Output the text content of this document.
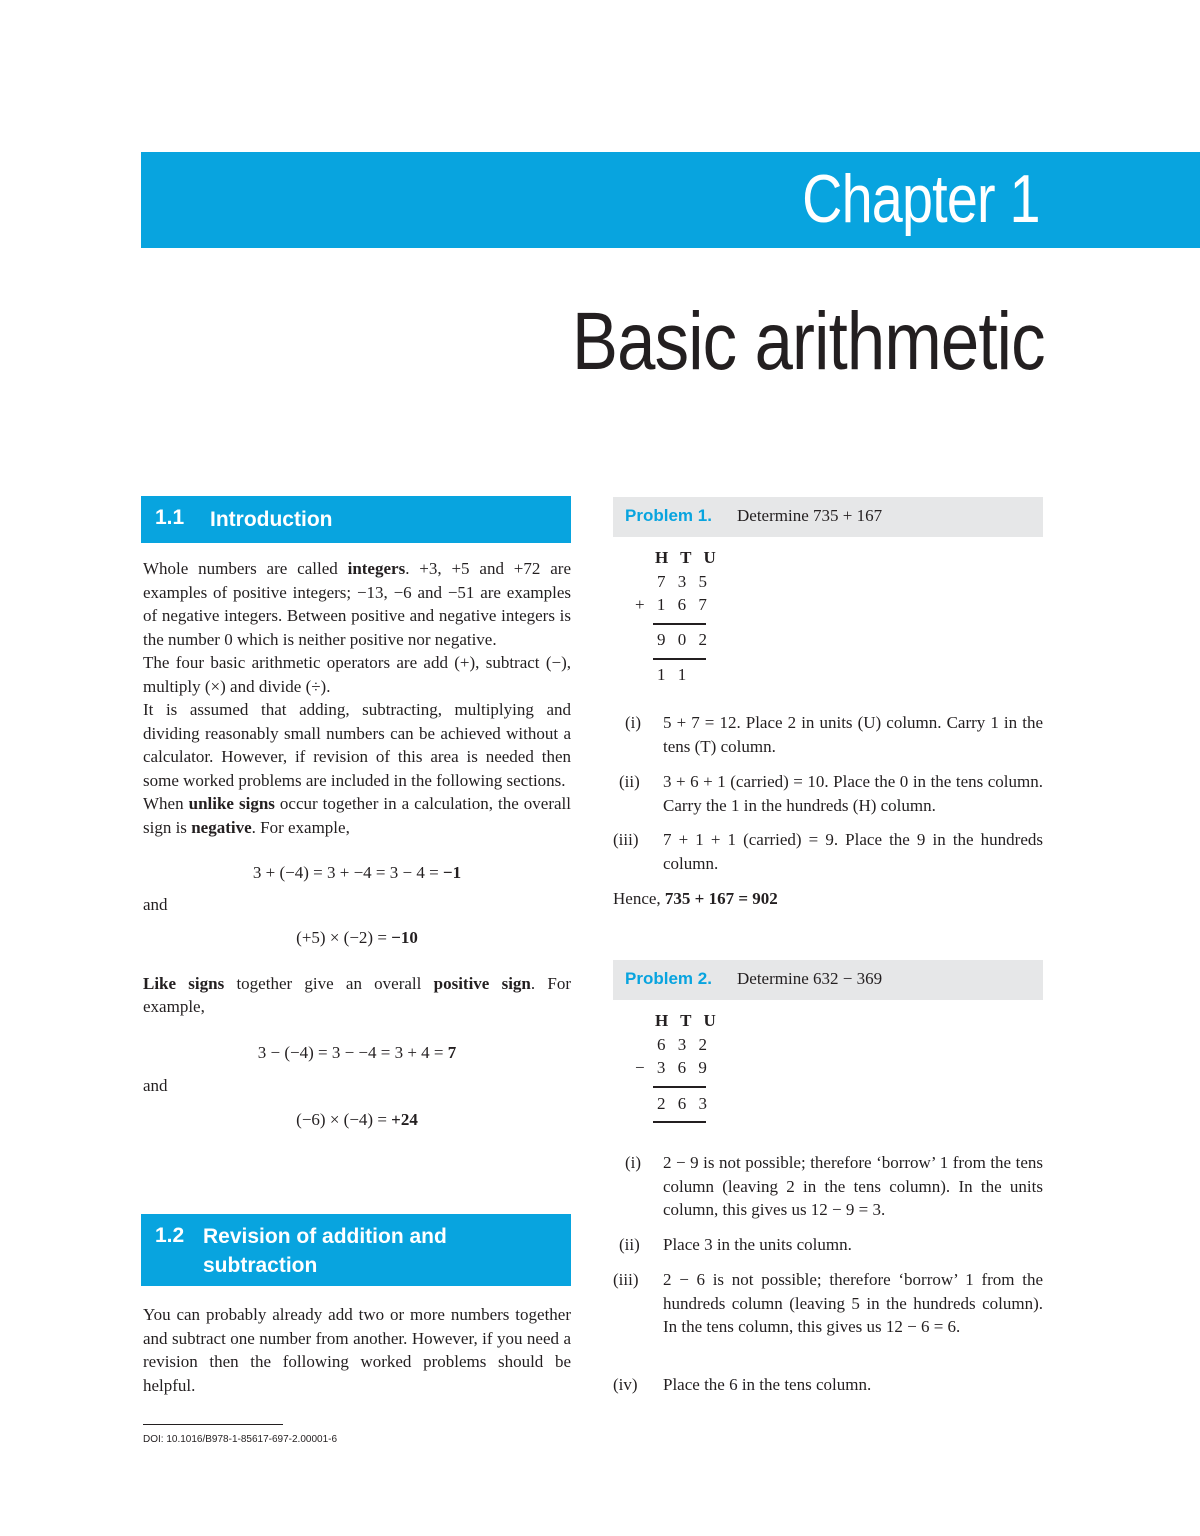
Chapter 1
Basic arithmetic
1.1 Introduction

Whole numbers are called integers. +3, +5 and +72 are examples of positive integers; −13, −6 and −51 are examples of negative integers. Between positive and negative integers is the number 0 which is neither positive nor negative.

The four basic arithmetic operators are add (+), subtract (−), multiply (×) and divide (÷).

It is assumed that adding, subtracting, multiplying and dividing reasonably small numbers can be achieved without a calculator. However, if revision of this area is needed then some worked problems are included in the following sections.

When unlike signs occur together in a calculation, the overall sign is negative. For example,

3 + (−4) = 3 + −4 = 3 − 4 = −1

and

(+5) × (−2) = −10

Like signs together give an overall positive sign. For example,

3 − (−4) = 3 − −4 = 3 + 4 = 7

and

(−6) × (−4) = +24

1.2 Revision of addition and
subtraction

You can probably already add two or more numbers together and subtract one number from another. However, if you need a revision then the following worked problems should be helpful.

Problem 1. Determine 735 + 167
H T U
7 3 5
+ 1 6 7
9 0 2
1 1
(i) 5 + 7 = 12. Place 2 in units (U) column. Carry 1 in the tens (T) column.
(ii) 3 + 6 + 1 (carried) = 10. Place the 0 in the tens column. Carry the 1 in the hundreds (H) column.
(iii) 7 + 1 + 1 (carried) = 9. Place the 9 in the hundreds column.
Hence, 735 + 167 = 902
Problem 2. Determine 632 − 369
H T U
6 3 2
− 3 6 9
2 6 3
(i) 2 − 9 is not possible; therefore ‘borrow’ 1 from the tens column (leaving 2 in the tens column). In the units column, this gives us 12 − 9 = 3.
(ii) Place 3 in the units column.
(iii) 2 − 6 is not possible; therefore ‘borrow’ 1 from the hundreds column (leaving 5 in the hundreds column). In the tens column, this gives us 12 − 6 = 6.
(iv) Place the 6 in the tens column.
DOI: 10.1016/B978-1-85617-697-2.00001-6
